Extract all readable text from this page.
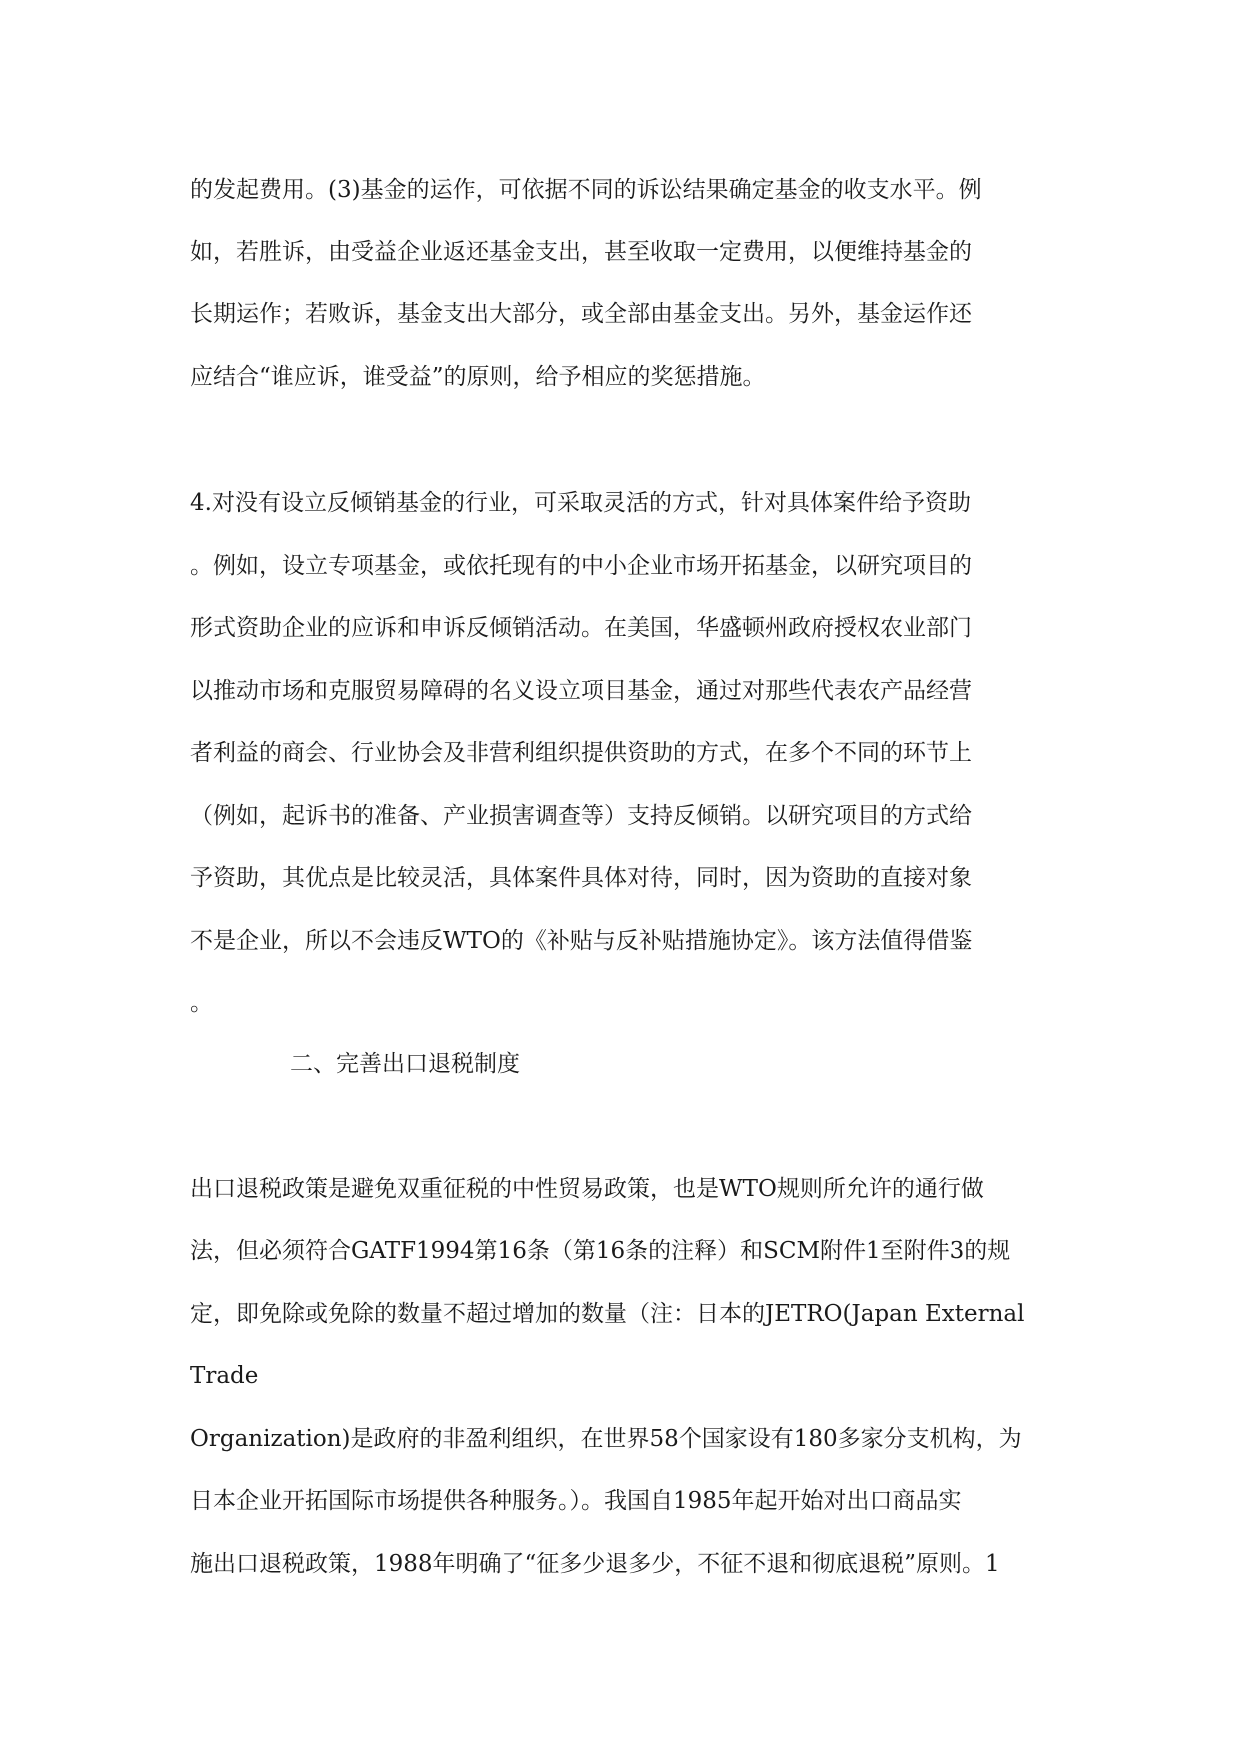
的发起费用。(3)基金的运作，可依据不同的诉讼结果确定基金的收支水平。例
如，若胜诉，由受益企业返还基金支出，甚至收取一定费用，以便维持基金的
长期运作；若败诉，基金支出大部分，或全部由基金支出。另外，基金运作还
应结合“谁应诉，谁受益”的原则，给予相应的奖惩措施。
4.对没有设立反倾销基金的行业，可采取灵活的方式，针对具体案件给予资助
。例如，设立专项基金，或依托现有的中小企业市场开拓基金，以研究项目的
形式资助企业的应诉和申诉反倾销活动。在美国，华盛顿州政府授权农业部门
以推动市场和克服贸易障碍的名义设立项目基金，通过对那些代表农产品经营
者利益的商会、行业协会及非营利组织提供资助的方式，在多个不同的环节上
（例如，起诉书的准备、产业损害调查等）支持反倾销。以研究项目的方式给
予资助，其优点是比较灵活，具体案件具体对待，同时，因为资助的直接对象
不是企业，所以不会违反WTO的《补贴与反补贴措施协定》。该方法值得借鉴
。
二、完善出口退税制度
出口退税政策是避免双重征税的中性贸易政策，也是WTO规则所允许的通行做
法，但必须符合GATF1994第16条（第16条的注释）和SCM附件1至附件3的规
定，即免除或免除的数量不超过增加的数量（注：日本的JETRO(Japan External
Trade
Organization)是政府的非盈利组织，在世界58个国家设有180多家分支机构，为
日本企业开拓国际市场提供各种服务。）。我国自1985年起开始对出口商品实
施出口退税政策，1988年明确了“征多少退多少，不征不退和彻底退税”原则。1
